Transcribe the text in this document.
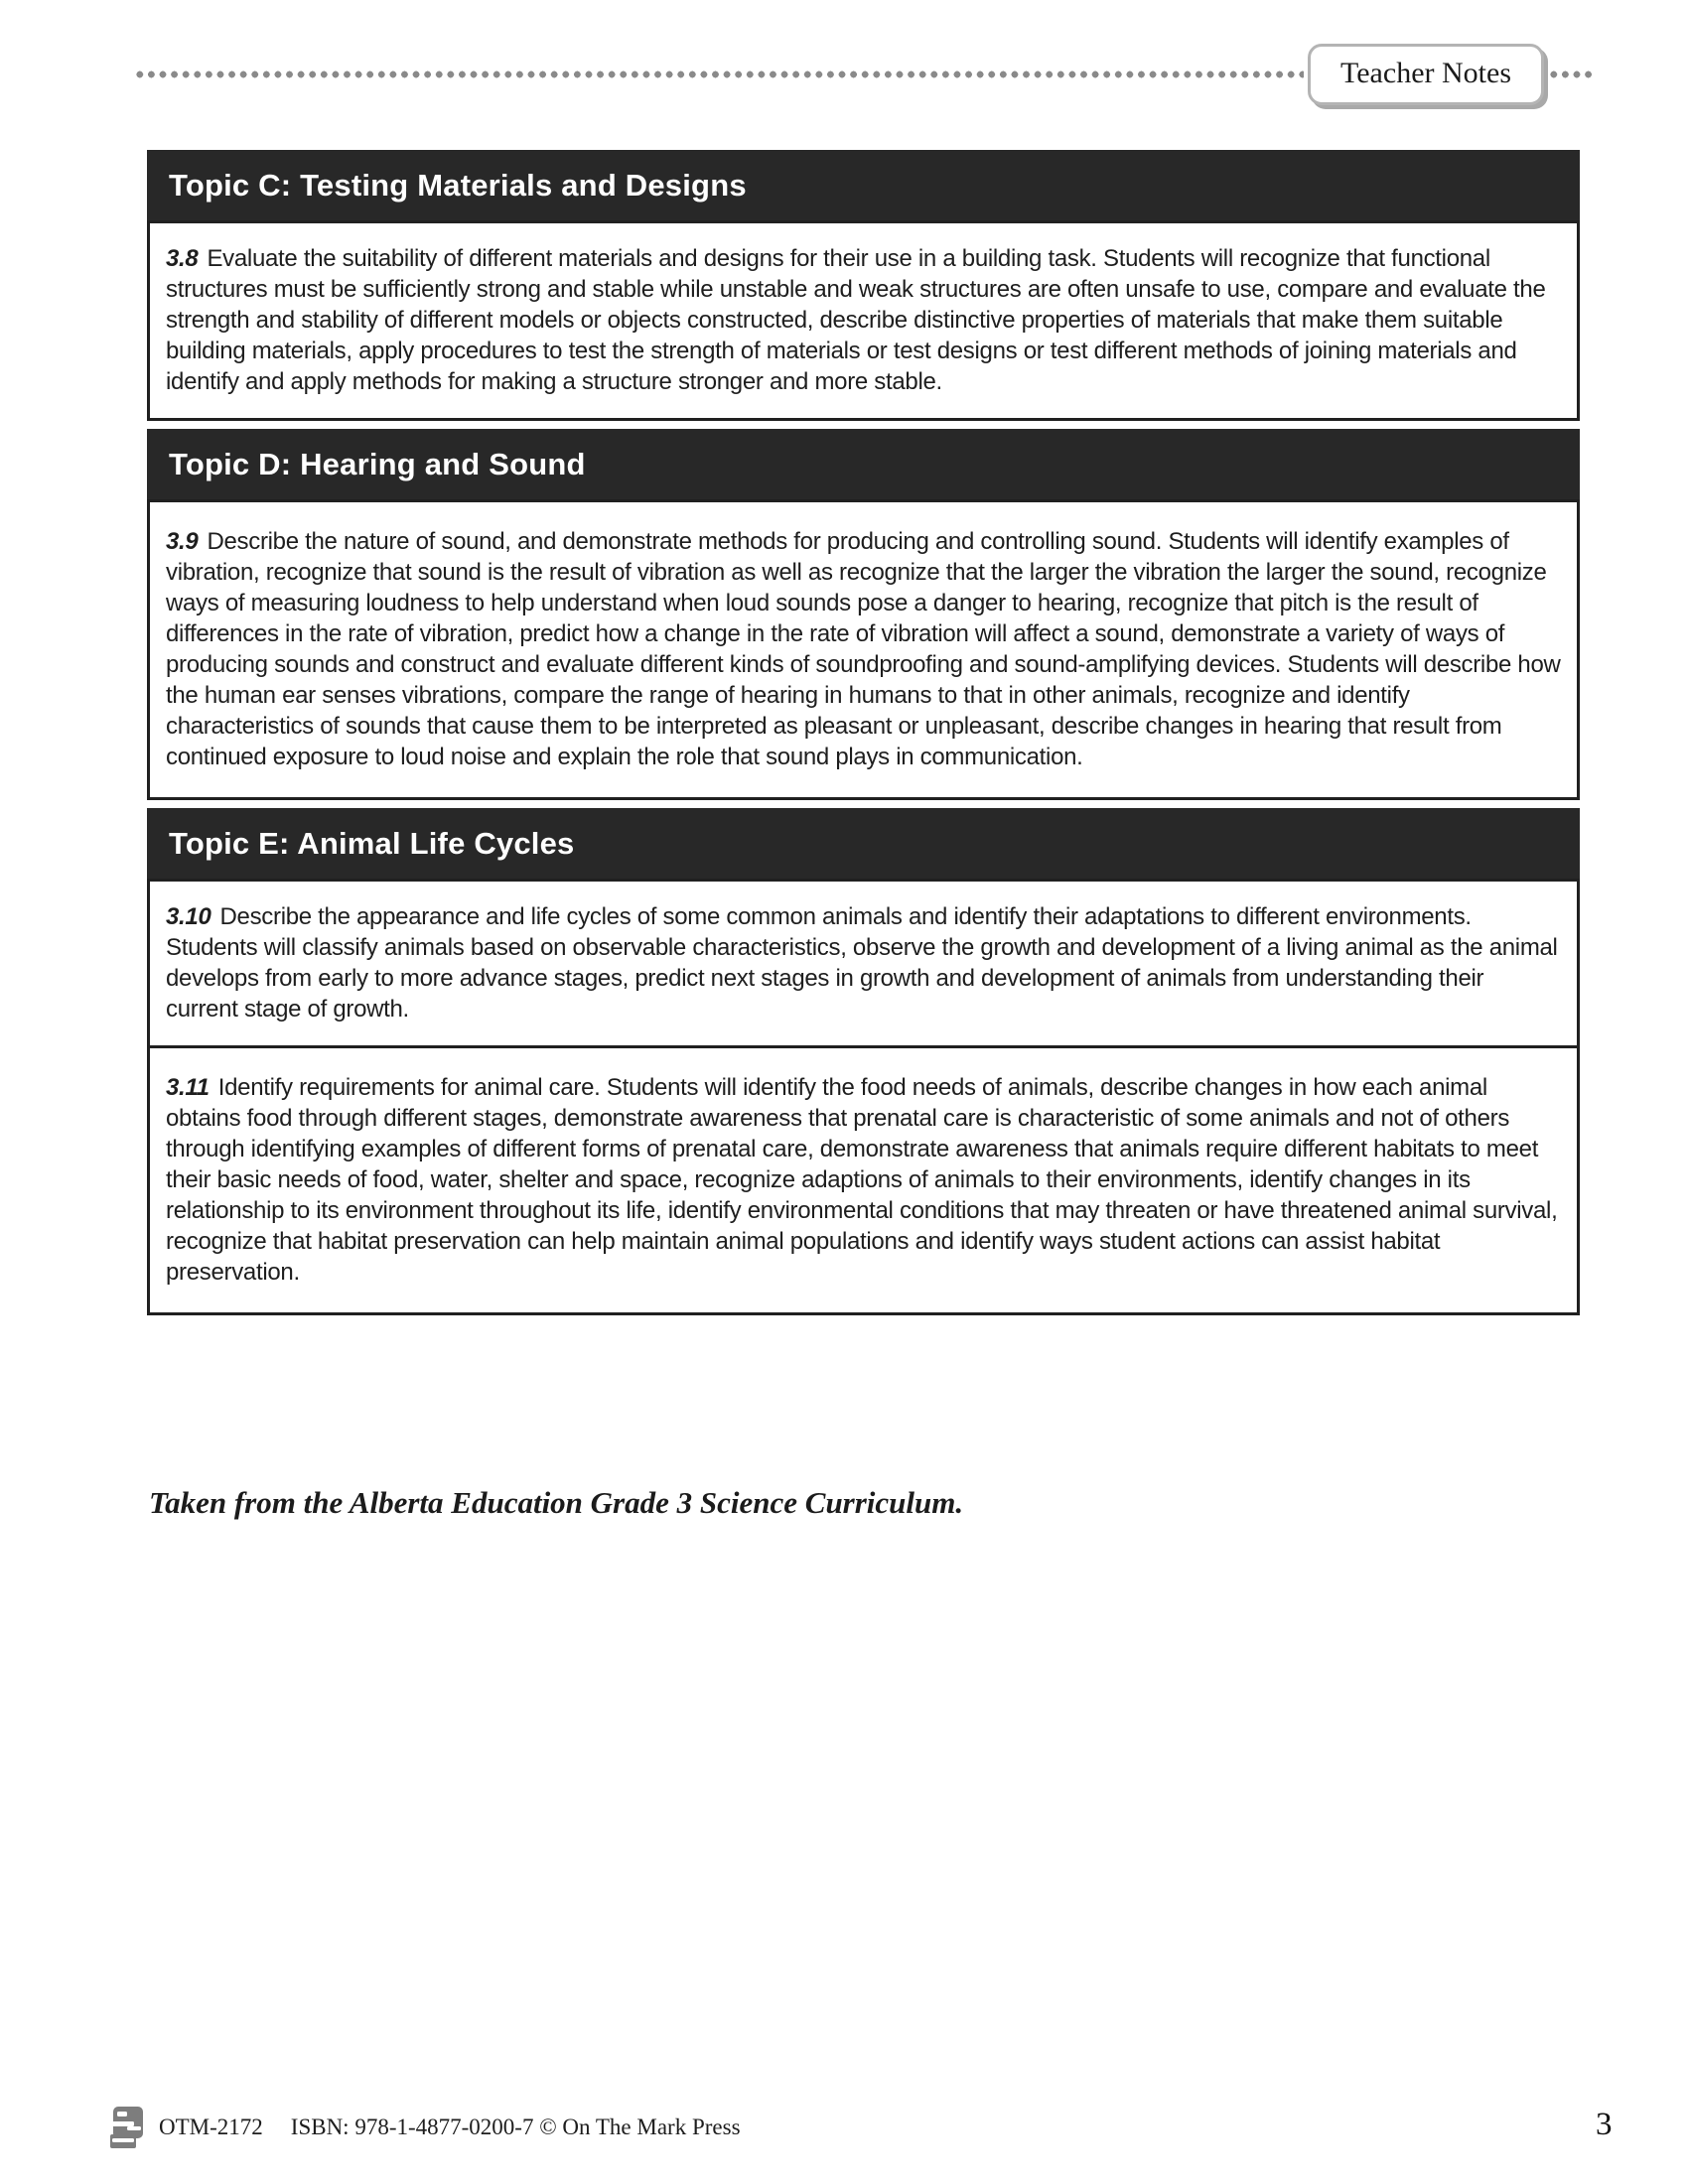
Teacher Notes
Topic C: Testing Materials and Designs
3.8 Evaluate the suitability of different materials and designs for their use in a building task. Students will recognize that functional structures must be sufficiently strong and stable while unstable and weak structures are often unsafe to use, compare and evaluate the strength and stability of different models or objects constructed, describe distinctive properties of materials that make them suitable building materials, apply procedures to test the strength of materials or test designs or test different methods of joining materials and identify and apply methods for making a structure stronger and more stable.
Topic D: Hearing and Sound
3.9 Describe the nature of sound, and demonstrate methods for producing and controlling sound. Students will identify examples of vibration, recognize that sound is the result of vibration as well as recognize that the larger the vibration the larger the sound, recognize ways of measuring loudness to help understand when loud sounds pose a danger to hearing, recognize that pitch is the result of differences in the rate of vibration, predict how a change in the rate of vibration will affect a sound, demonstrate a variety of ways of producing sounds and construct and evaluate different kinds of soundproofing and sound-amplifying devices. Students will describe how the human ear senses vibrations, compare the range of hearing in humans to that in other animals, recognize and identify characteristics of sounds that cause them to be interpreted as pleasant or unpleasant, describe changes in hearing that result from continued exposure to loud noise and explain the role that sound plays in communication.
Topic E: Animal Life Cycles
3.10 Describe the appearance and life cycles of some common animals and identify their adaptations to different environments. Students will classify animals based on observable characteristics, observe the growth and development of a living animal as the animal develops from early to more advance stages, predict next stages in growth and development of animals from understanding their current stage of growth.
3.11 Identify requirements for animal care. Students will identify the food needs of animals, describe changes in how each animal obtains food through different stages, demonstrate awareness that prenatal care is characteristic of some animals and not of others through identifying examples of different forms of prenatal care, demonstrate awareness that animals require different habitats to meet their basic needs of food, water, shelter and space, recognize adaptions of animals to their environments, identify changes in its relationship to its environment throughout its life, identify environmental conditions that may threaten or have threatened animal survival, recognize that habitat preservation can help maintain animal populations and identify ways student actions can assist habitat preservation.
Taken from the Alberta Education Grade 3 Science Curriculum.
OTM-2172 ISBN: 978-1-4877-0200-7 © On The Mark Press	3
